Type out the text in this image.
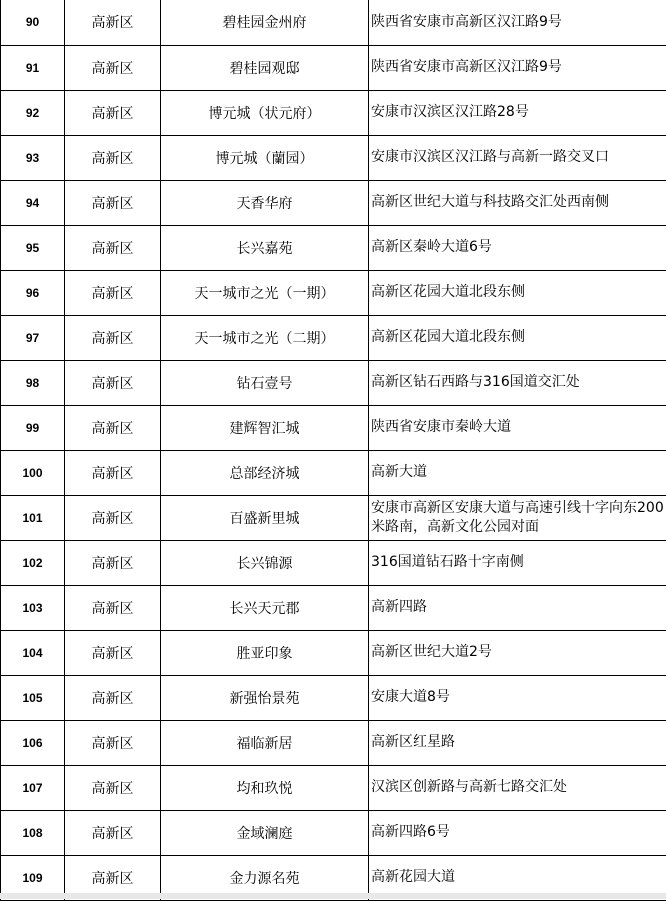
90	高新区	碧桂园金州府	陕西省安康市高新区汉江路9号
91	高新区	碧桂园观邸	陕西省安康市高新区汉江路9号
92	高新区	博元城（状元府）	安康市汉滨区汉江路28号
93	高新区	博元城（蘭园）	安康市汉滨区汉江路与高新一路交叉口
94	高新区	天香华府	高新区世纪大道与科技路交汇处西南侧
95	高新区	长兴嘉苑	高新区秦岭大道6号
96	高新区	天一城市之光（一期）	高新区花园大道北段东侧
97	高新区	天一城市之光（二期）	高新区花园大道北段东侧
98	高新区	钻石壹号	高新区钻石西路与316国道交汇处
99	高新区	建辉智汇城	陕西省安康市秦岭大道
100	高新区	总部经济城	高新大道
101	高新区	百盛新里城	安康市高新区安康大道与高速引线十字向东200米路南，高新文化公园对面
102	高新区	长兴锦源	316国道钻石路十字南侧
103	高新区	长兴天元郡	高新四路
104	高新区	胜亚印象	高新区世纪大道2号
105	高新区	新强怡景苑	安康大道8号
106	高新区	福临新居	高新区红星路
107	高新区	均和玖悦	汉滨区创新路与高新七路交汇处
108	高新区	金域澜庭	高新四路6号
109	高新区	金力源名苑	高新花园大道
